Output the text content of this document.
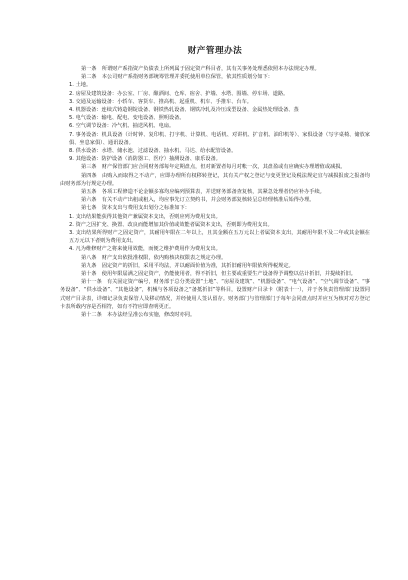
财产管理办法

第一条　所谓财产系指资产负债表上所列属于固定资产科目者，其有关事务处理悉依照本办法规定办理。

第二条　本公司财产系指财务部统筹管理并委托使用单位保管，依其性质划分如下：

1. 土地。

2. 房屋及建筑设备：办公室、厂房、酿酒间、仓库、宿舍、护墙、水塔、围墙、停车场、道路。

3. 交通及运输设备：小轿车、客货车、推高机、起重机、机车、手推车、台车。

4. 机器设备：连续式铸造钢锭设备、钢铁热轧设备、钢铁冷轧及冷压成型设备、金属热处理设备、蒸

5. 电气设备：输电、配电、变电设备、照明设备。

6. 空气调节设备：冷气机、抽送风机、电扇。

7. 事务设备：机具设备（计时钟、复印机、打字机、计算机、电话机、对讲机、扩音机、油印机等）、家俱设备（写字桌椅、储放家俱、坐息家俱）、通讯设备。

8. 供水设备：水塔、储水池、过滤设备、抽水机、马达、给水配管设备。

9. 其他设备：防护设备（消防器工、医疗）抽测设备、康乐设备。

第三条　财产保管部门应合同财务部每年定期盘点，但对新置者每月对帐一次，其盘盈或有应确实办理增值或减损。

第四条　由购入而取得之不动产，应即办理所有权移转登记，其有关产权之登记与变更登记及税法规定宜与减损报废之报备均由财务部为行规定办理。

第五条　各项工程修造不论金额多寡均应编列预算表，并送财务部备查复核，其紧急处理者仍应补办手续。

第六条　有关不动产出租或租入，均应事先订立契约书，并会财务部复核转呈总经理核准后始得办理。

第七条　资本支出与费用支出划分之标准如下：

1. 支出结果能获得其他资产兼属资本支出，否则应列为费用支出。

2. 资产之因扩充、换置、改良而能增加其价值或效能者属资本支出，否则即为费用支出。

3. 支出结果所得财产之固定资产，其耐用年限在二年以上，且其金额在五万元以上者属资本支出，其耐用年限不及二年或其金额在五万元以下者则为费用支出。

4. 凡为维修财产之将来使用效能，而便之维护费用作为费用支出。

第八条　财产支出依批准权限，依内购核决权限表之规定办理。

第九条　固定资产的折旧，采用平均法，并以耐面价值为准，其折旧耐用年限依所得税规定。

第十条　使用年限届满之固定资产，仍能使用者，得不折旧，但主要或重要生产设备得予调整以估计折旧，并提续折旧。

第十一条　有关固定资产编号，财务部于总分类设置“土地”、“房屋及建筑”、“机器设备”、“电气设备”、“空气调节设备”、“事务设备”、“供水设备”、“其他设备”，机械与各项设备之“备抵折旧”等科目，设置财产目录卡（附表十一），并于各负责管理部门设置同式财产目录表，详细记录负责保管人及移动情况，并经使用人签认留存。财务部门与管理部门于每年会同盘点时并应互为核对对方登记卡表所载内容是否相符，如有不符应即查明更正。

第十二条　本办法经呈准公布实施，修改时亦同。
